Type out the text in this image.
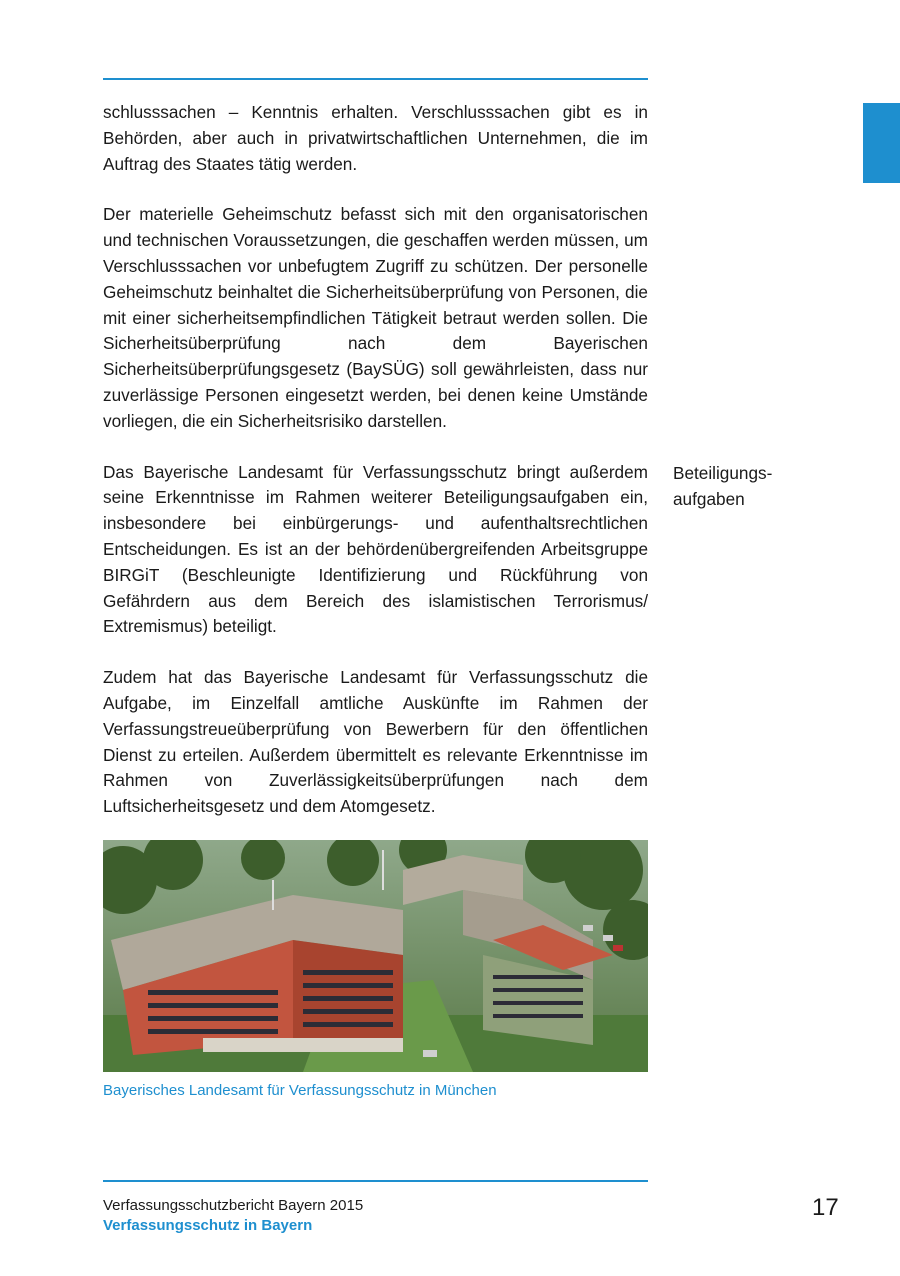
schlusssachen – Kenntnis erhalten. Verschlusssachen gibt es in Behörden, aber auch in privatwirtschaftlichen Unternehmen, die im Auftrag des Staates tätig werden.

Der materielle Geheimschutz befasst sich mit den organisatorischen und technischen Voraussetzungen, die geschaffen werden müssen, um Verschlusssachen vor unbefugtem Zugriff zu schützen. Der personelle Geheimschutz beinhaltet die Sicherheitsüberprüfung von Personen, die mit einer sicherheitsempfindlichen Tätigkeit betraut werden sollen. Die Sicherheitsüberprüfung nach dem Bayerischen Sicherheitsüberprüfungsgesetz (BaySÜG) soll gewährleisten, dass nur zuverlässige Personen eingesetzt werden, bei denen keine Umstände vorliegen, die ein Sicherheitsrisiko darstellen.

Das Bayerische Landesamt für Verfassungsschutz bringt außerdem seine Erkenntnisse im Rahmen weiterer Beteiligungsaufgaben ein, insbesondere bei einbürgerungs- und aufenthaltsrechtlichen Entscheidungen. Es ist an der behördenübergreifenden Arbeitsgruppe BIRGiT (Beschleunigte Identifizierung und Rückführung von Gefährdern aus dem Bereich des islamistischen Terrorismus/​Extremismus) beteiligt.

Zudem hat das Bayerische Landesamt für Verfassungsschutz die Aufgabe, im Einzelfall amtliche Auskünfte im Rahmen der Verfassungstreueüberprüfung von Bewerbern für den öffentlichen Dienst zu erteilen. Außerdem übermittelt es relevante Erkenntnisse im Rahmen von Zuverlässigkeitsüberprüfungen nach dem Luftsicherheitsgesetz und dem Atomgesetz.

Beteiligungs-
aufgaben
Bayerisches Landesamt für Verfassungsschutz in München
Verfassungsschutzbericht Bayern 2015
Verfassungsschutz in Bayern
17
